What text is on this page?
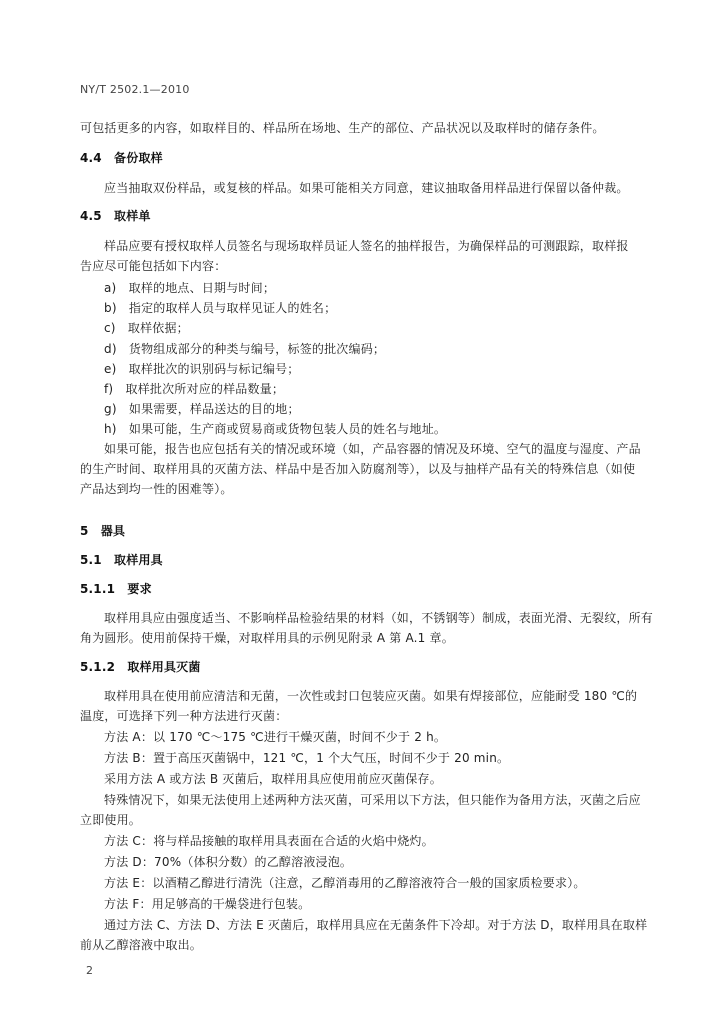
NY/T 2502.1—2010
可包括更多的内容，如取样目的、样品所在场地、生产的部位、产品状况以及取样时的储存条件。
4.4　备份取样
应当抽取双份样品，或复核的样品。如果可能相关方同意，建议抽取备用样品进行保留以备仲裁。
4.5　取样单
样品应要有授权取样人员签名与现场取样员证人签名的抽样报告，为确保样品的可测跟踪，取样报
告应尽可能包括如下内容：
a)　取样的地点、日期与时间；
b)　指定的取样人员与取样见证人的姓名；
c)　取样依据；
d)　货物组成部分的种类与编号，标签的批次编码；
e)　取样批次的识别码与标记编号；
f)　取样批次所对应的样品数量；
g)　如果需要，样品送达的目的地；
h)　如果可能，生产商或贸易商或货物包装人员的姓名与地址。
如果可能，报告也应包括有关的情况或环境（如，产品容器的情况及环境、空气的温度与湿度、产品
的生产时间、取样用具的灭菌方法、样品中是否加入防腐剂等），以及与抽样产品有关的特殊信息（如使
产品达到均一性的困难等）。
5　器具
5.1　取样用具
5.1.1　要求
取样用具应由强度适当、不影响样品检验结果的材料（如，不锈钢等）制成，表面光滑、无裂纹，所有
角为圆形。使用前保持干燥，对取样用具的示例见附录 A 第 A.1 章。
5.1.2　取样用具灭菌
取样用具在使用前应清洁和无菌，一次性或封口包装应灭菌。如果有焊接部位，应能耐受 180 ℃的
温度，可选择下列一种方法进行灭菌：
方法 A：以 170 ℃～175 ℃进行干燥灭菌，时间不少于 2 h。
方法 B：置于高压灭菌锅中，121 ℃，1 个大气压，时间不少于 20 min。
采用方法 A 或方法 B 灭菌后，取样用具应使用前应灭菌保存。
特殊情况下，如果无法使用上述两种方法灭菌，可采用以下方法，但只能作为备用方法，灭菌之后应
立即使用。
方法 C：将与样品接触的取样用具表面在合适的火焰中烧灼。
方法 D：70%（体积分数）的乙醇溶液浸泡。
方法 E：以酒精乙醇进行清洗（注意，乙醇消毒用的乙醇溶液符合一般的国家质检要求）。
方法 F：用足够高的干燥袋进行包装。
通过方法 C、方法 D、方法 E 灭菌后，取样用具应在无菌条件下冷却。对于方法 D，取样用具在取样
前从乙醇溶液中取出。
2
